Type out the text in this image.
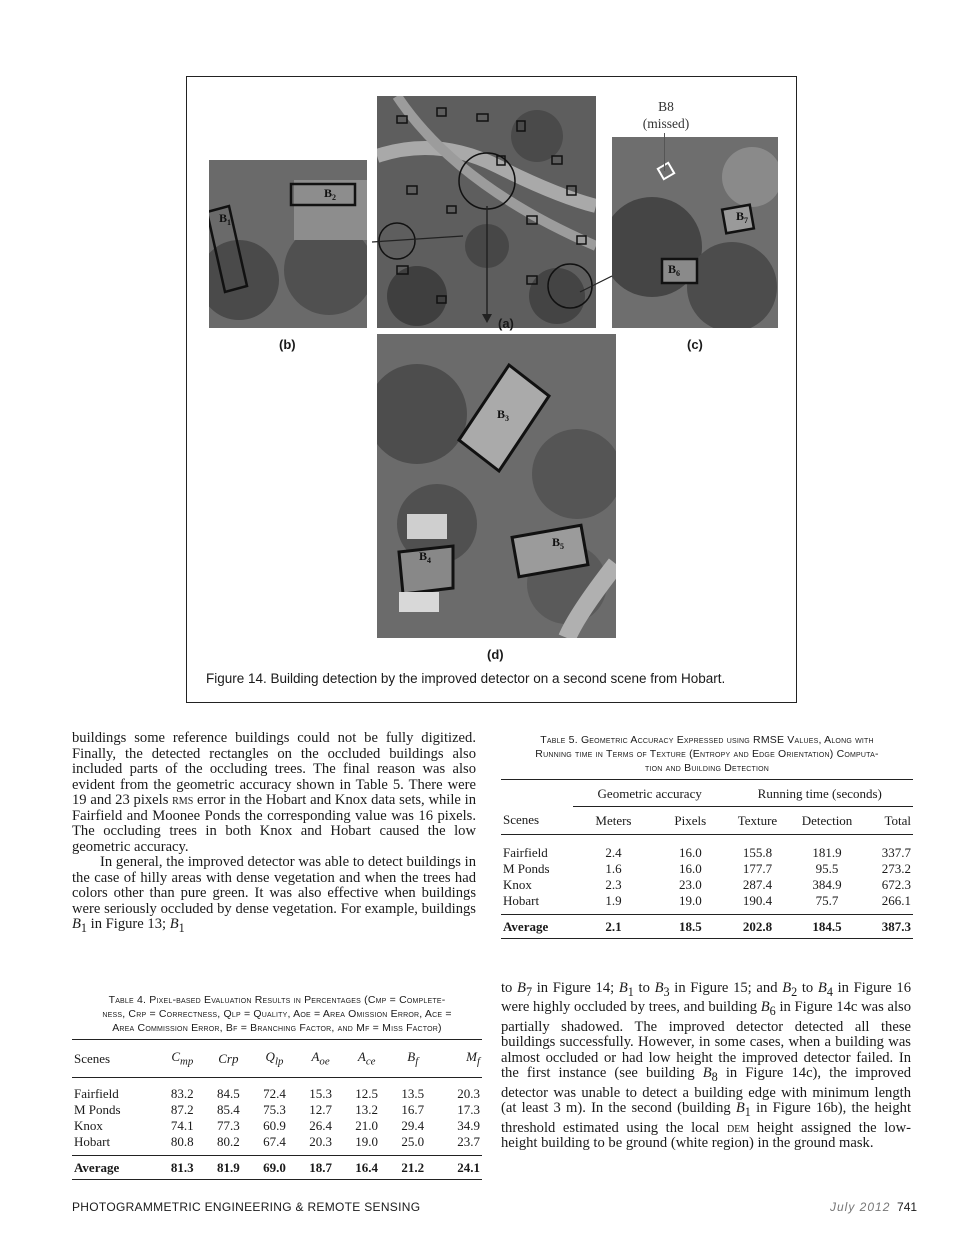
$B_2$
$B_1$	$B_7$
$B_6$
B8
(missed)
$B_3$
$B_5$
$B_4$
(a)
(b)	(c)
(d)
Figure 14. Building detection by the improved detector on a second scene from Hobart.

buildings some reference buildings could not be fully digitized. Finally, the detected rectangles on the occluded buildings also included parts of the occluding trees. The final reason was also evident from the geometric accuracy shown in Table 5. There were 19 and 23 pixels rms error in the Hobart and Knox data sets, while in Fairfield and Moonee Ponds the corresponding value was 16 pixels. The occluding trees in both Knox and Hobart caused the low geometric accuracy.

In general, the improved detector was able to detect buildings in the case of hilly areas with dense vegetation and when the trees had colors other than pure green. It was also effective when buildings were seriously occluded by dense vegetation. For example, buildings $B_1$ in Figure 13; $B_1$

Table 5. Geometric Accuracy Expressed using RMSE Values, Along with
Running time in Terms of Texture (Entropy and Edge Orientation) Computa-
tion and Building Detection
	Geometric accuracy		Running time (seconds)		
Scenes	Meters	Pixels	Texture	Detection	Total

Fairfield	2.4	16.0	155.8	181.9	337.7
M Ponds	1.6	16.0	177.7	95.5	273.2
Knox	2.3	23.0	287.4	384.9	672.3
Hobart	1.9	19.0	190.4	75.7	266.1

Average	2.1	18.5	202.8	184.5	387.3

Table 4. Pixel-based Evaluation Results in Percentages (Cmp = Complete-
ness, Crp = Correctness, Qlp = Quality, Aoe = Area Omission Error, Ace =
Area Commission Error, Bf = Branching Factor, and Mf = Miss Factor)
Scenes	$C_{mp}$	Crp	$Q_{lp}$	$A_{oe}$	$A_{ce}$	$B_f$	$M_f$

Fairfield	83.2	84.5	72.4	15.3	12.5	13.5	20.3
M Ponds	87.2	85.4	75.3	12.7	13.2	16.7	17.3
Knox	74.1	77.3	60.9	26.4	21.0	29.4	34.9
Hobart	80.8	80.2	67.4	20.3	19.0	25.0	23.7

Average	81.3	81.9	69.0	18.7	16.4	21.2	24.1

to $B_7$ in Figure 14; $B_1$ to $B_3$ in Figure 15; and $B_2$ to $B_4$ in Figure 16 were highly occluded by trees, and building $B_6$ in Figure 14c was also partially shadowed. The improved detector detected all these buildings successfully. However, in some cases, when a building was almost occluded or had low height the improved detector failed. In the first instance (see building $B_8$ in Figure 14c), the improved detector was unable to detect a building edge with minimum length (at least 3 m). In the second (building $B_1$ in Figure 16b), the height threshold estimated using the local dem height assigned the low-height building to be ground (white region) in the ground mask.

PHOTOGRAMMETRIC ENGINEERING & REMOTE SENSING	July 2012 741
